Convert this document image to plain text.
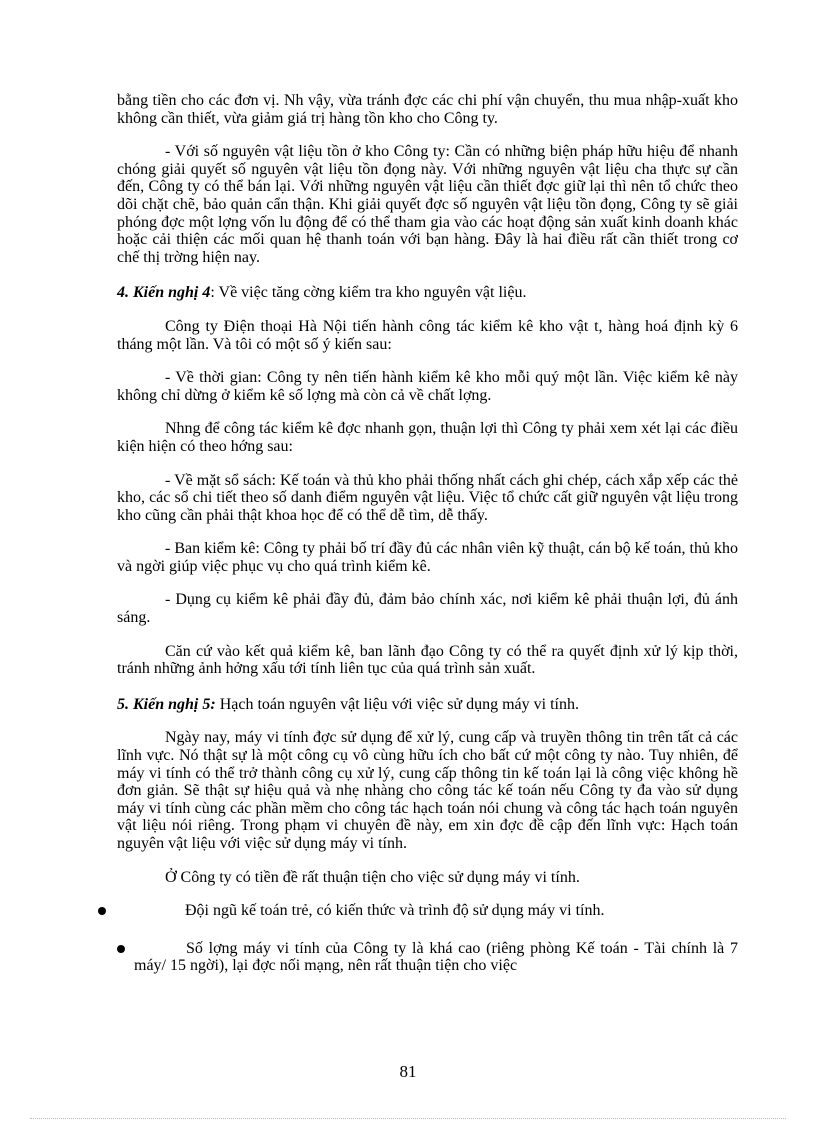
bằng tiền cho các đơn vị. Nh vậy, vừa tránh đợc các chi phí vận chuyển, thu mua nhập-xuất kho không cần thiết, vừa giảm giá trị hàng tồn kho cho Công ty.

- Với số nguyên vật liệu tồn ở kho Công ty: Cần có những biện pháp hữu hiệu để nhanh chóng giải quyết số nguyên vật liệu tồn đọng này. Với những nguyên vật liệu cha thực sự cần đến, Công ty có thể bán lại. Với những nguyên vật liệu cần thiết đợc giữ lại thì nên tổ chức theo dõi chặt chẽ, bảo quản cẩn thận. Khi giải quyết đợc số nguyên vật liệu tồn đọng, Công ty sẽ giải phóng đợc một lợng vốn lu động để có thể tham gia vào các hoạt động sản xuất kinh doanh khác hoặc cải thiện các mối quan hệ thanh toán với bạn hàng. Đây là hai điều rất cần thiết trong cơ chế thị trờng hiện nay.

4. Kiến nghị 4: Về việc tăng cờng kiểm tra kho nguyên vật liệu.

Công ty Điện thoại Hà Nội tiến hành công tác kiểm kê kho vật t, hàng hoá định kỳ 6 tháng một lần. Và tôi có một số ý kiến sau:

- Về thời gian: Công ty nên tiến hành kiểm kê kho mỗi quý một lần. Việc kiểm kê này không chỉ dừng ở kiểm kê số lợng mà còn cả về chất lợng.

Nhng để công tác kiểm kê đợc nhanh gọn, thuận lợi thì Công ty phải xem xét lại các điều kiện hiện có theo hớng sau:

- Về mặt sổ sách: Kế toán và thủ kho phải thống nhất cách ghi chép, cách xắp xếp các thẻ kho, các sổ chi tiết theo số danh điểm nguyên vật liệu. Việc tổ chức cất giữ nguyên vật liệu trong kho cũng cần phải thật khoa học để có thể dễ tìm, dễ thấy.

- Ban kiểm kê: Công ty phải bố trí đầy đủ các nhân viên kỹ thuật, cán bộ kế toán, thủ kho và ngời giúp việc phục vụ cho quá trình kiểm kê.

- Dụng cụ kiểm kê phải đầy đủ, đảm bảo chính xác, nơi kiểm kê phải thuận lợi, đủ ánh sáng.

Căn cứ vào kết quả kiểm kê, ban lãnh đạo Công ty có thể ra quyết định xử lý kịp thời, tránh những ảnh hởng xấu tới tính liên tục của quá trình sản xuất.

5. Kiến nghị 5: Hạch toán nguyên vật liệu với việc sử dụng máy vi tính.

Ngày nay, máy vi tính đợc sử dụng để xử lý, cung cấp và truyền thông tin trên tất cả các lĩnh vực. Nó thật sự là một công cụ vô cùng hữu ích cho bất cứ một công ty nào. Tuy nhiên, để máy vi tính có thể trở thành công cụ xử lý, cung cấp thông tin kế toán lại là công việc không hề đơn giản. Sẽ thật sự hiệu quả và nhẹ nhàng cho công tác kế toán nếu Công ty đa vào sử dụng máy vi tính cùng các phần mềm cho công tác hạch toán nói chung và công tác hạch toán nguyên vật liệu nói riêng. Trong phạm vi chuyên đề này, em xin đợc đề cập đến lĩnh vực: Hạch toán nguyên vật liệu với việc sử dụng máy vi tính.

Ở Công ty có tiền đề rất thuận tiện cho việc sử dụng máy vi tính.

Đội ngũ kế toán trẻ, có kiến thức và trình độ sử dụng máy vi tính.
Số lợng máy vi tính của Công ty là khá cao (riêng phòng Kế toán - Tài chính là 7 máy/ 15 ngời), lại đợc nối mạng, nên rất thuận tiện cho việc
81
